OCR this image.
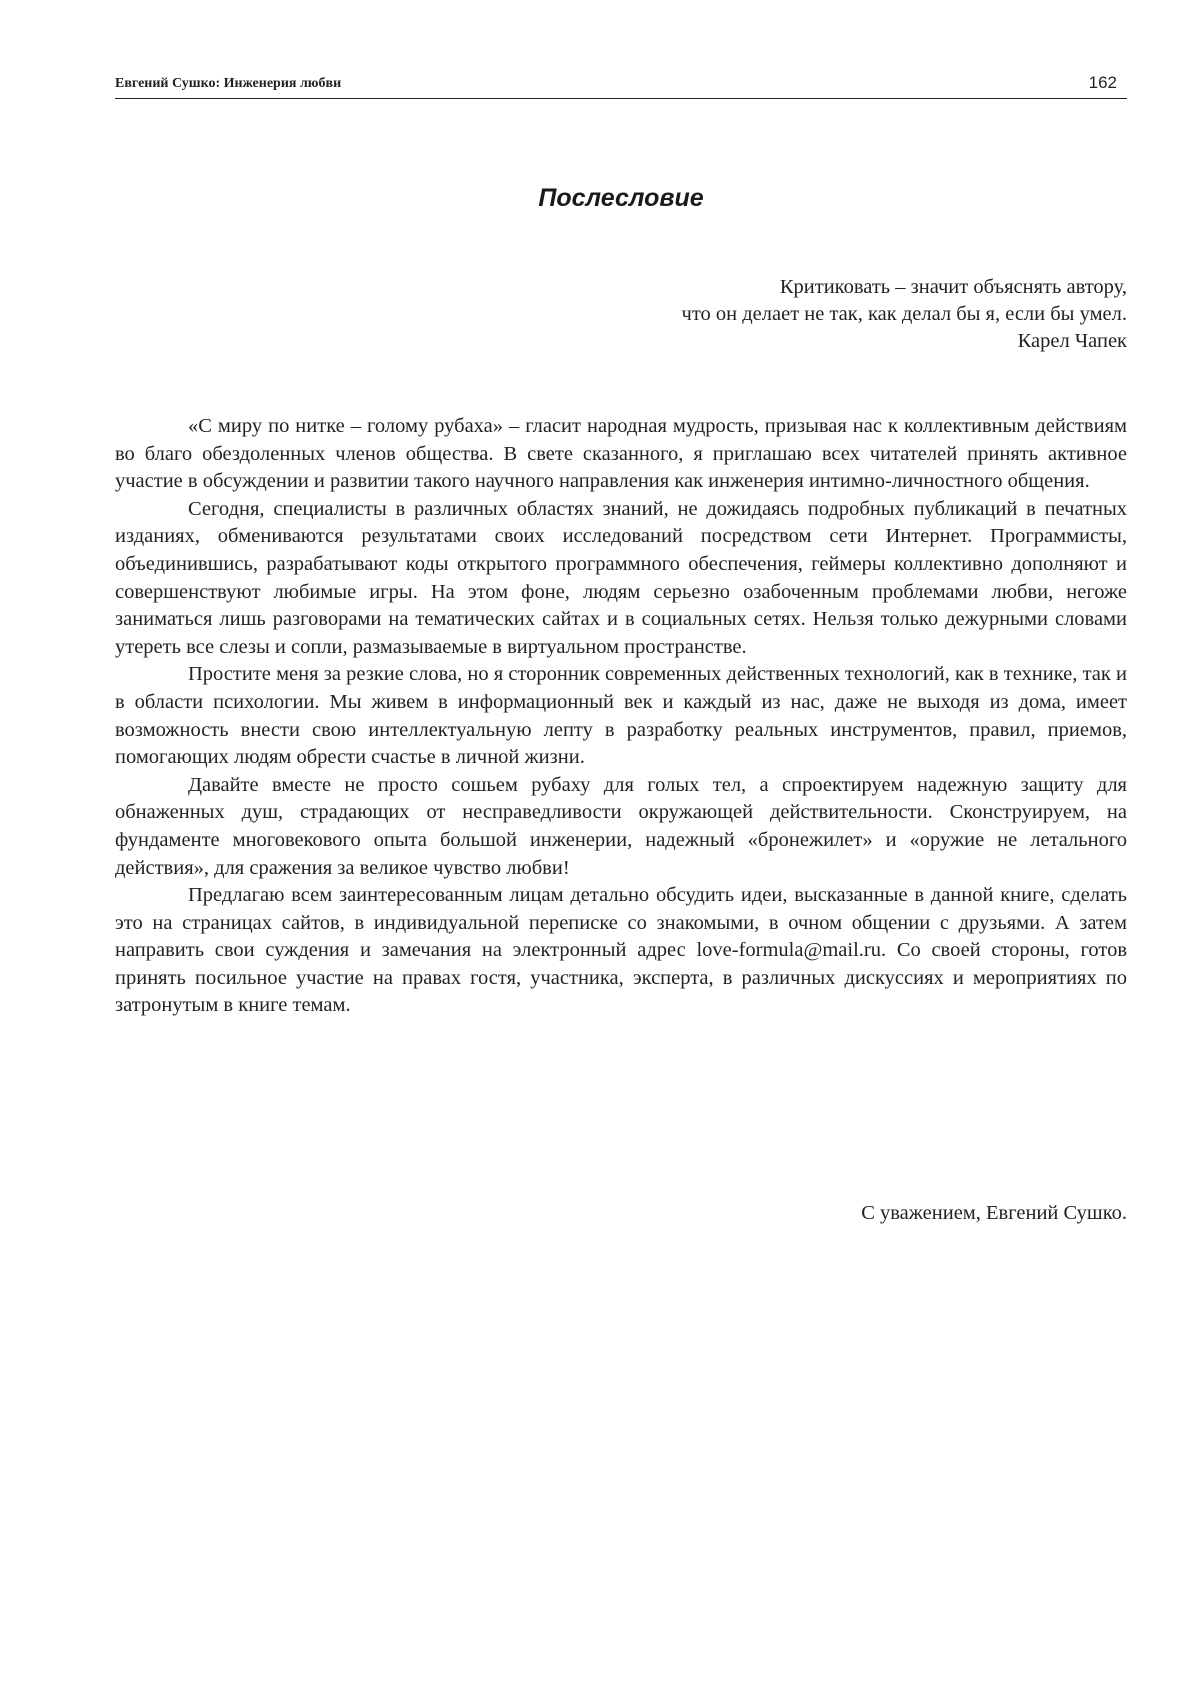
Евгений Сушко: Инженерия любви	162
Послесловие
Критиковать – значит объяснять автору,
что он делает не так, как делал бы я, если бы умел.
Карел Чапек

«С миру по нитке – голому рубаха» – гласит народная мудрость, призывая нас к коллективным действиям во благо обездоленных членов общества. В свете сказанного, я приглашаю всех читателей принять активное участие в обсуждении и развитии такого научного направления как инженерия интимно-личностного общения.

Сегодня, специалисты в различных областях знаний, не дожидаясь подробных публикаций в печатных изданиях, обмениваются результатами своих исследований посредством сети Интернет. Программисты, объединившись, разрабатывают коды открытого программного обеспечения, геймеры коллективно дополняют и совершенствуют любимые игры. На этом фоне, людям серьезно озабоченным проблемами любви, негоже заниматься лишь разговорами на тематических сайтах и в социальных сетях. Нельзя только дежурными словами утереть все слезы и сопли, размазываемые в виртуальном пространстве.

Простите меня за резкие слова, но я сторонник современных действенных технологий, как в технике, так и в области психологии. Мы живем в информационный век и каждый из нас, даже не выходя из дома, имеет возможность внести свою интеллектуальную лепту в разработку реальных инструментов, правил, приемов, помогающих людям обрести счастье в личной жизни.

Давайте вместе не просто сошьем рубаху для голых тел, а спроектируем надежную защиту для обнаженных душ, страдающих от несправедливости окружающей действительности. Сконструируем, на фундаменте многовекового опыта большой инженерии, надежный «бронежилет» и «оружие не летального действия», для сражения за великое чувство любви!

Предлагаю всем заинтересованным лицам детально обсудить идеи, высказанные в данной книге, сделать это на страницах сайтов, в индивидуальной переписке со знакомыми, в очном общении с друзьями. А затем направить свои суждения и замечания на электронный адрес love-formula@mail.ru. Со своей стороны, готов принять посильное участие на правах гостя, участника, эксперта, в различных дискуссиях и мероприятиях по затронутым в книге темам.

С уважением, Евгений Сушко.
